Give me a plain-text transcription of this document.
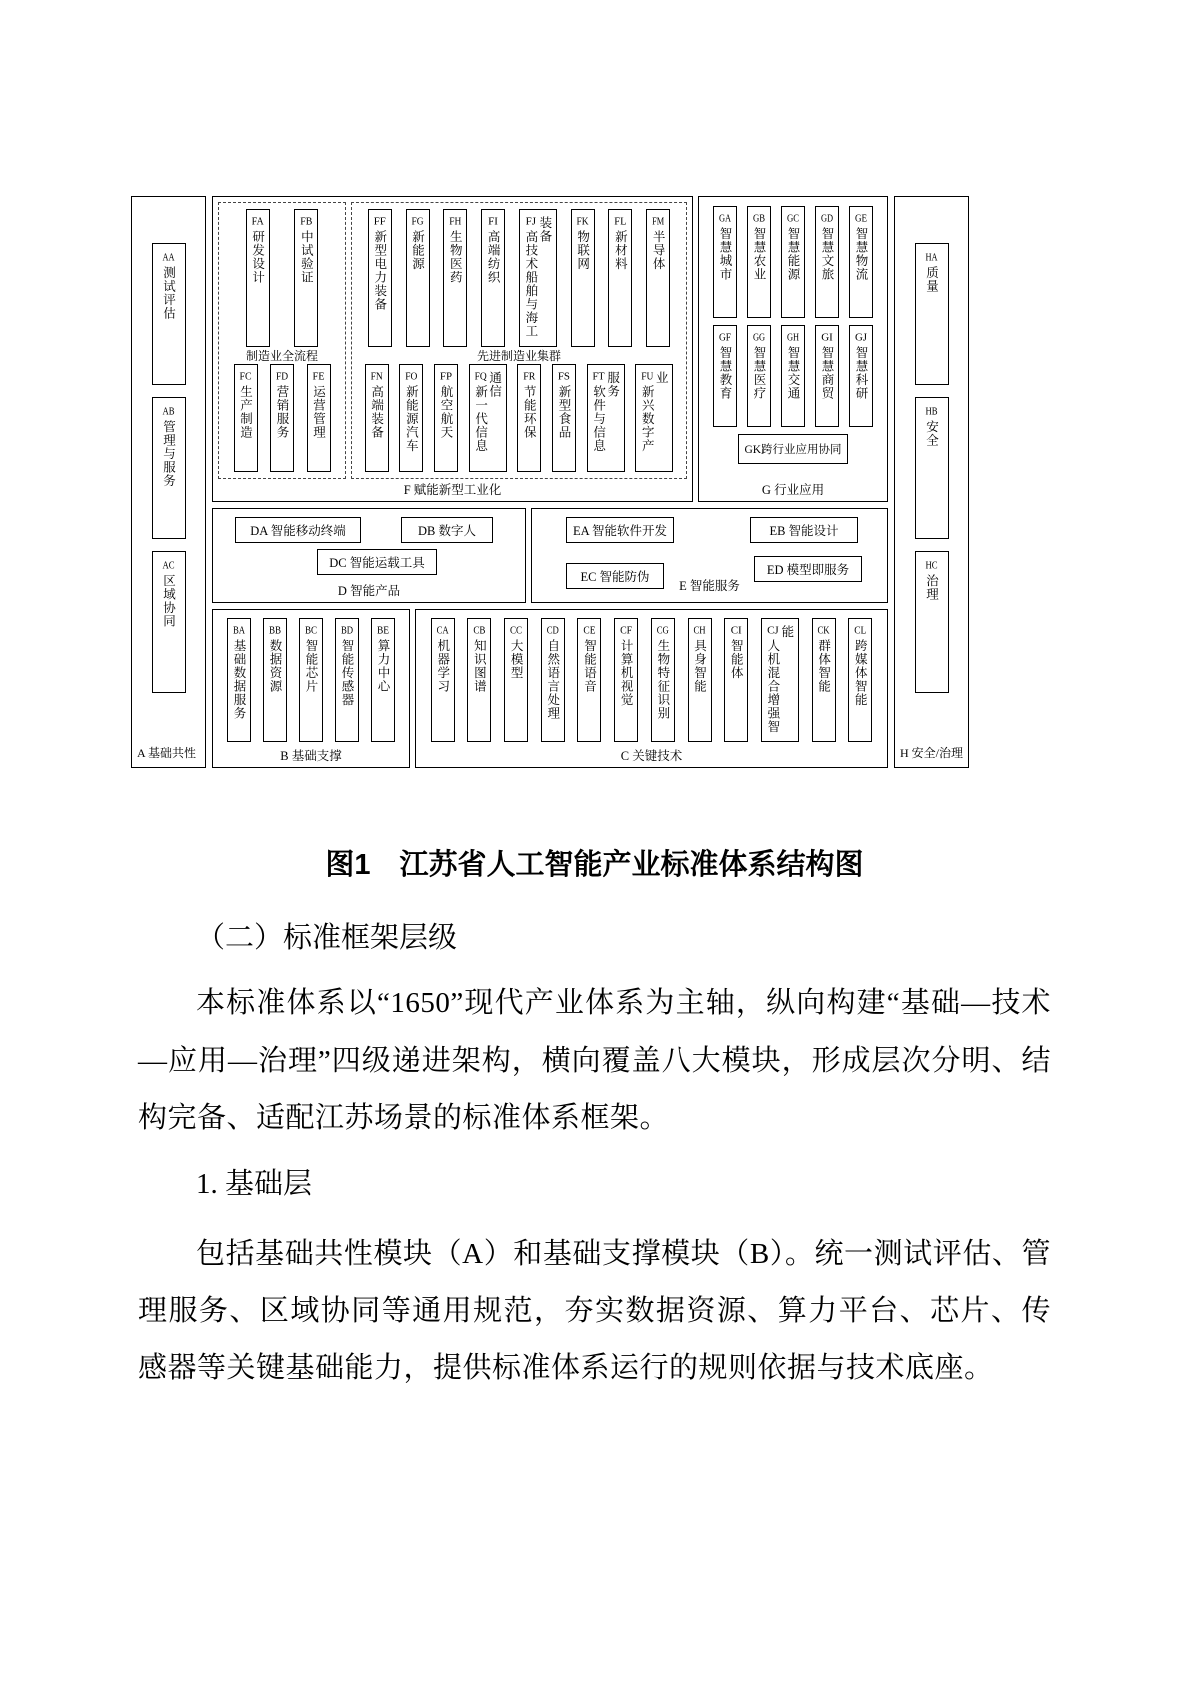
AA测试评估
AB管理与服务
AC区域协同
A 基础共性
FA研发设计
FB中试验证
制造业全流程
FC生产制造
FD营销服务
FE运营管理
FF新型电力装备
FG新能源
FH生物医药
FI高端纺织
FJ高技术船舶与海工装备	FK物联网
FL新材料
FM半导体
先进制造业集群
FN高端装备
FO新能源汽车
FP航空航天
FQ新一代信息通信	FR节能环保
FS新型食品
FT软件与信息服务	FU新兴数字产业
F 赋能新型工业化
GA智慧城市
GB智慧农业
GC智慧能源
GD智慧文旅
GE智慧物流
GF智慧教育
GG智慧医疗
GH智慧交通
GI智慧商贸
GJ智慧科研
GK跨行业应用协同
G 行业应用
DA 智能移动终端	DB 数字人
DC 智能运载工具
D 智能产品
EA 智能软件开发	EB 智能设计
EC 智能防伪	ED 模型即服务
E 智能服务
BA基础数据服务
BB数据资源
BC智能芯片
BD智能传感器
BE算力中心
B 基础支撑
CA机器学习
CB知识图谱
CC大模型
CD自然语言处理
CE智能语音
CF计算机视觉
CG生物特征识别
CH具身智能
CI智能体
CJ人机混合增强智能	CK群体智能
CL跨媒体智能
C 关键技术
HA质量
HB安全
HC治理
H 安全/治理
图1　江苏省人工智能产业标准体系结构图
（二）标准框架层级

本标准体系以“1650”现代产业体系为主轴，纵向构建“基础—技术—应用—治理”四级递进架构，横向覆盖八大模块，形成层次分明、结构完备、适配江苏场景的标准体系框架。

1. 基础层

包括基础共性模块（A）和基础支撑模块（B）。统一测试评估、管理服务、区域协同等通用规范，夯实数据资源、算力平台、芯片、传感器等关键基础能力，提供标准体系运行的规则依据与技术底座。
